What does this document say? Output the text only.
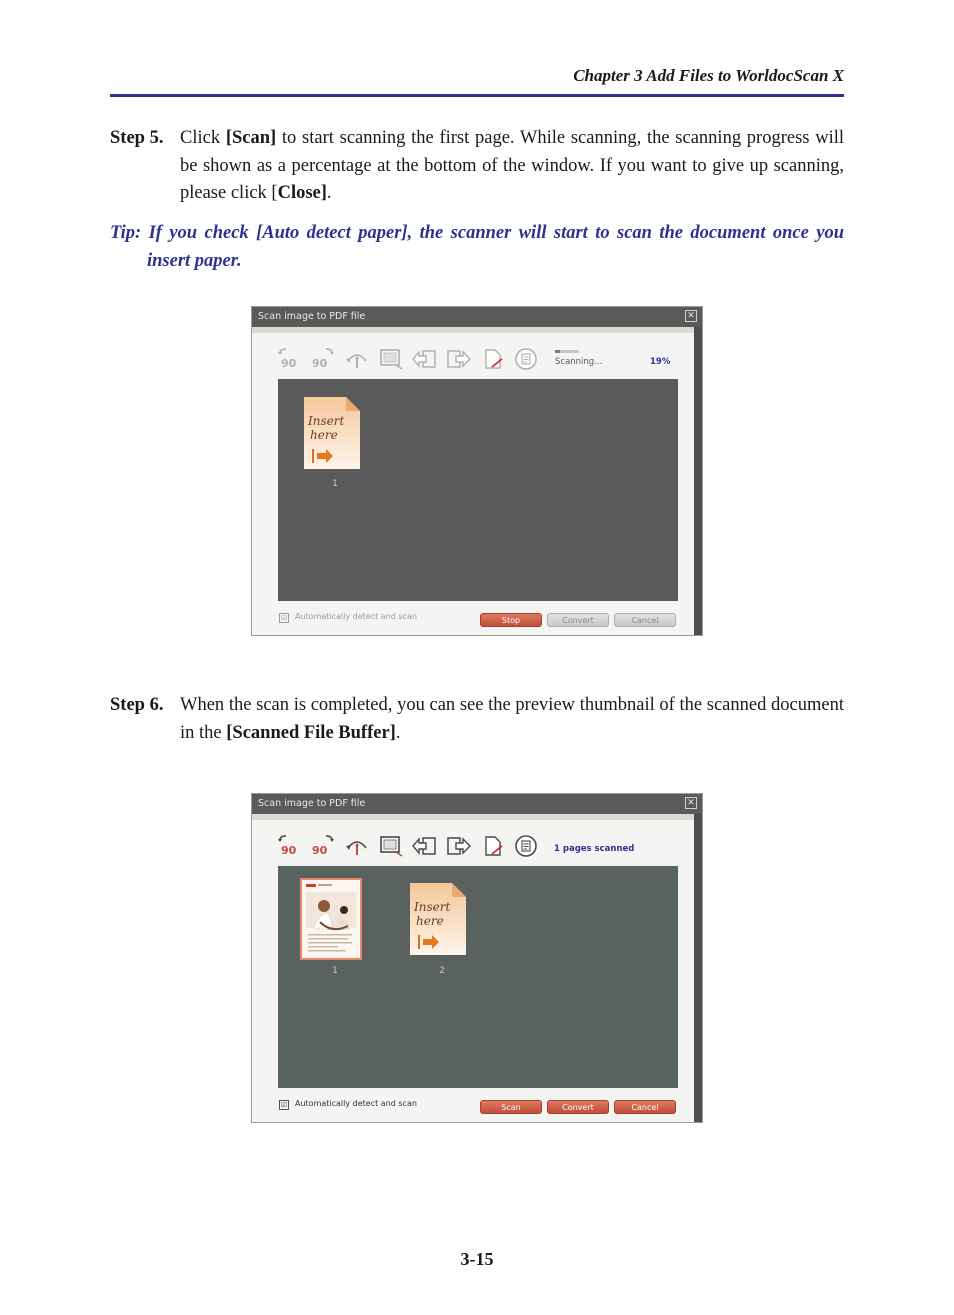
Chapter 3 Add Files to WorldocScan X
Step 5. Click [Scan] to start scanning the first page. While scanning, the scanning progress will be shown as a percentage at the bottom of the window. If you want to give up scanning, please click [Close].
Tip: If you check [Auto detect paper], the scanner will start to scan the document once you insert paper.
Scan image to PDF file	✕
90 90	Scanning...	19%
Insert
here
1
☑ Automatically detect and scan	Stop	Convert	Cancel
Step 6. When the scan is completed, you can see the preview thumbnail of the scanned document in the [Scanned File Buffer].
Scan image to PDF file	✕
90 90	1 pages scanned
1
Insert
here
2
☑ Automatically detect and scan	Scan	Convert	Cancel
3-15
